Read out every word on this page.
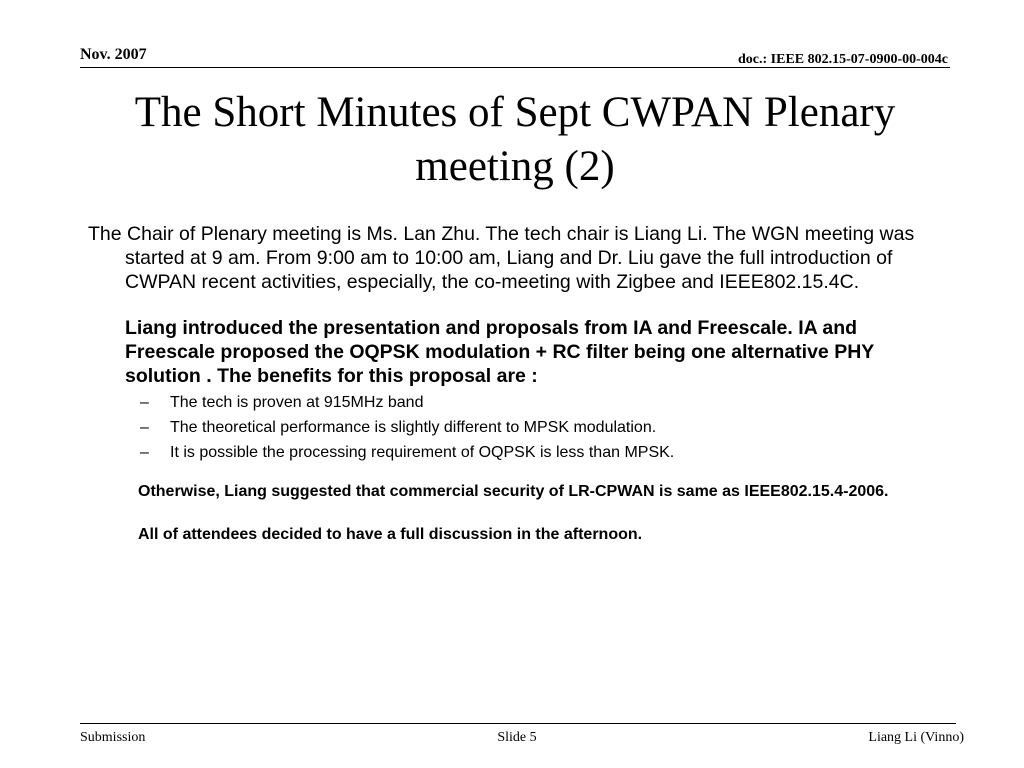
Nov. 2007	doc.: IEEE 802.15-07-0900-00-004c
The Short Minutes of Sept CWPAN Plenary meeting (2)

The Chair of Plenary meeting is Ms. Lan Zhu. The tech chair is Liang Li. The WGN meeting was started at 9 am. From 9:00 am to 10:00 am, Liang and Dr. Liu gave the full introduction of CWPAN recent activities, especially, the co-meeting with Zigbee and IEEE802.15.4C.

Liang introduced the presentation and proposals from IA and Freescale. IA and Freescale proposed the OQPSK modulation + RC filter being one alternative PHY solution . The benefits for this proposal are :

– The tech is proven at 915MHz band
– The theoretical performance is slightly different to MPSK modulation.
– It is possible the processing requirement of OQPSK is less than MPSK.

Otherwise, Liang suggested that commercial security of LR-CPWAN is same as IEEE802.15.4-2006.

All of attendees decided to have a full discussion in the afternoon.

Submission	Slide 5	Liang Li (Vinno)
